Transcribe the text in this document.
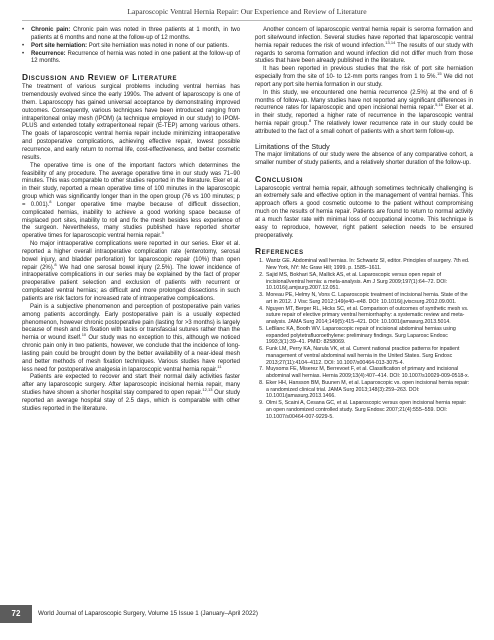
Laparoscopic Ventral Hernia Repair: Our Experience and Review of Literature
• Chronic pain: Chronic pain was noted in three patients at 1 month, in two patients at 6 months and none at the follow-up of 12 months.
• Port site herniation: Port site herniation was noted in none of our patients.
• Recurrence: Recurrence of hernia was noted in one patient at the follow-up of 12 months.
Discussion and Review of Literature

The treatment of various surgical problems including ventral hernias has tremendously evolved since the early 1990s. The advent of laparoscopy is one of them. Laparoscopy has gained universal acceptance by demonstrating improved outcomes. Consequently, various techniques have been introduced ranging from intraperitoneal onlay mesh (IPOM) (a technique employed in our study) to IPOM-PLUS and extended totally extraperitoneal repair (E-TEP) among various others. The goals of laparoscopic ventral hernia repair include minimizing intraoperative and postoperative complications, achieving effective repair, lowest possible recurrence, and early return to normal life, cost-effectiveness, and better cosmetic results.

The operative time is one of the important factors which determines the feasibility of any procedure. The average operative time in our study was 71–90 minutes. This was comparable to other studies reported in the literature. Eker et al. in their study, reported a mean operative time of 100 minutes in the laparoscopic group which was significantly longer than in the open group (76 vs 100 minutes; p = 0.001).$^8$ Longer operative time maybe because of difficult dissection, complicated hernias, inability to achieve a good working space because of misplaced port sites, inability to roll and fix the mesh besides less experience of the surgeon. Nevertheless, many studies published have reported shorter operative times for laparoscopic ventral hernia repair.$^9$

No major intraoperative complications were reported in our series. Eker et al. reported a higher overall intraoperative complication rate (enterotomy, serosal bowel injury, and bladder perforation) for laparoscopic repair (10%) than open repair (2%).$^8$ We had one serosal bowel injury (2.5%). The lower incidence of intraoperative complications in our series may be explained by the fact of proper preoperative patient selection and exclusion of patients with recurrent or complicated ventral hernias; as difficult and more prolonged dissections in such patients are risk factors for increased rate of intraoperative complications.

Pain is a subjective phenomenon and perception of postoperative pain varies among patients accordingly. Early postoperative pain is a usually expected phenomenon, however chronic postoperative pain (lasting for >3 months) is largely because of mesh and its fixation with tacks or transfascial sutures rather than the hernia or wound itself.$^{10}$ Our study was no exception to this, although we noticed chronic pain only in two patients, however, we conclude that the incidence of long-lasting pain could be brought down by the better availability of a near-ideal mesh and better methods of mesh fixation techniques. Various studies have reported less need for postoperative analgesia in laparoscopic ventral hernia repair.$^{11}$

Patients are expected to recover and start their normal daily activities faster after any laparoscopic surgery. After laparoscopic incisional hernia repair, many studies have shown a shorter hospital stay compared to open repair.$^{12,13}$ Our study reported an average hospital stay of 2.5 days, which is comparable with other studies reported in the literature.

Another concern of laparoscopic ventral hernia repair is seroma formation and port site/wound infection. Several studies have reported that laparoscopic ventral hernia repair reduces the risk of wound infection.$^{13,14}$ The results of our study with regards to seroma formation and wound infection did not differ much from those studies that have been already published in the literature.

It has been reported in previous studies that the risk of port site herniation especially from the site of 10- to 12-mm ports ranges from 1 to 5%.$^{15}$ We did not report any port site hernia formation in our study.

In this study, we encountered one hernia recurrence (2.5%) at the end of 6 months of follow-up. Many studies have not reported any significant differences in recurrence rates for laparoscopic and open incisional hernia repair.$^{5,16}$ Eker et al. in their study, reported a higher rate of recurrence in the laparoscopic ventral hernia repair group.$^8$ The relatively lower recurrence rate in our study could be attributed to the fact of a small cohort of patients with a short term follow-up.

Limitations of the Study

The major limitations of our study were the absence of any comparative cohort, a smaller number of study patients, and a relatively shorter duration of the follow-up.

Conclusion

Laparoscopic ventral hernia repair, although sometimes technically challenging is an extremely safe and effective option in the management of ventral hernias. This approach offers a good cosmetic outcome to the patient without compromising much on the results of hernia repair. Patients are found to return to normal activity at a much faster rate with minimal loss of occupational income. This technique is easy to reproduce, however, right patient selection needs to be ensured preoperatively.

References
1. Wantz GE. Abdominal wall hernias. In: Schwartz SI, editor. Principles of surgery. 7th ed. New York, NY: Mc Graw Hill; 1999. p. 1585–1611.
2. Sajid MS, Bokhari SA, Mallick AS, et al. Laparoscopic versus open repair of incisional/ventral hernia: a meta-analysis. Am J Surg 2009;197(1):64–72. DOI: 10.1016/j.amjsurg.2007.12.051.
3. Moreau PE, Helmy N, Vons C. Laparoscopic treatment of incisional hernia. State of the art in 2012. J Visc Surg 2012;149(e40–e48. DOI: 10.1016/j.jviscsurg.2012.09.001.
4. Nguyen MT, Berger RL, Hicks SC, et al. Comparison of outcomes of synthetic mesh vs. suture repair of elective primary ventral herniorrhaphy: a systematic review and meta-analysis. JAMA Surg 2014;149(5):415–421. DOI: 10.1001/jamasurg.2013.5014.
5. LeBlanc KA, Booth WV. Laparoscopic repair of incisional abdominal hernias using expanded polytetrafluoroethylene: preliminary findings. Surg Laparosc Endosc 1993;3(1):39–41. PMID: 8258069.
6. Funk LM, Perry KA, Narula VK, et al. Current national practice patterns for inpatient management of ventral abdominal wall hernia in the United States. Surg Endosc 2013;27(11):4104–4112. DOI: 10.1007/s00464-013-3075-4.
7. Muysoms FE, Miserez M, Berrevoet F, et al. Classification of primary and incisional abdominal wall hernias. Hernia 2009;13(4):407–414. DOI: 10.1007/s10029-009-0518-x.
8. Eker HH, Hansson BM, Buunen M, et al. Laparoscopic vs. open incisional hernia repair: a randomized clinical trial. JAMA Surg 2013;148(3):259–263. DOI: 10.1001/jamasurg.2013.1466.
9. Olmi S, Scaini A, Cesana GC, et al. Laparoscopic versus open incisional hernia repair: an open randomized controlled study. Surg Endosc 2007;21(4):555–559. DOI: 10.1007/s00464-007-9229-5.
72	World Journal of Laparoscopic Surgery, Volume 15 Issue 1 (January–April 2022)
